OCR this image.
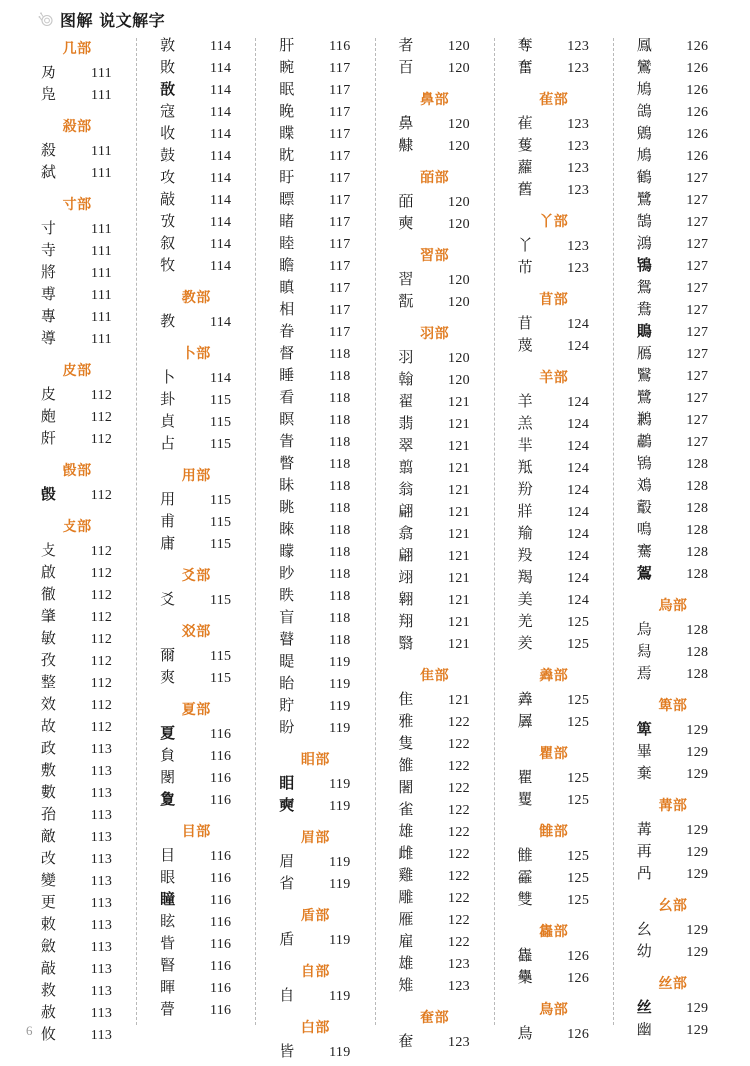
图解 说文解字
几部
夃	111
凫	111
殺部
殺	111
弑	111
寸部
寸	111
寺	111
將	111
尃	111
專	111
導	111
皮部
皮	112
皰	112
皯	112
㲃部
㲃	112
攴部
攴	112
啟	112
徹	112
肇	112
敏	112
孜	112
整	112
效	112
故	112
政	113
敷	113
數	113
孡	113
敵	113
改	113
變	113
更	113
敕	113
斂	113
敲	113
救	113
赦	113
攸	113
敦	114
敗	114
敔	114
寇	114
收	114
鼓	114
攻	114
敲	114
攷	114
叙	114
牧	114
教部
教	114
卜部
卜	114
卦	115
貞	115
占	115
用部
用	115
甫	115
庸	115
爻部
爻	115
㸚部
爾	115
爽	115
夏部
夏	116
貟	116
閿	116
夐	116
目部
目	116
眼	116
瞳	116
眩	116
眥	116
䁂	116
睴	116
瞢	116
肝	116
睕	117
眠	117
睌	117
䁋	117
眈	117
盱	117
瞟	117
睹	117
睦	117
瞻	117
瞋	117
相	117
眷	117
督	118
睡	118
看	118
瞑	118
眚	118
瞥	118
眛	118
眺	118
睞	118
矇	118
眇	118
眣	118
盲	118
瞽	118
睼	119
眙	119
貯	119
盼	119
䀠部
䀠	119
奭	119
眉部
眉	119
省	119
盾部
盾	119
自部
自	119
白部
皆	119
者	120
百	120
鼻部
鼻	120
齂	120
皕部
皕	120
奭	120
習部
習	120
翫	120
羽部
羽	120
翰	120
翟	121
翡	121
翠	121
翦	121
翁	121
翩	121
翕	121
翩	121
翊	121
翱	121
翔	121
翳	121
隹部
隹	121
雅	122
隻	122
雒	122
闍	122
雀	122
雄	122
雌	122
雞	122
雕	122
雁	122
雇	122
雄	123
雉	123
奞部
奞	123
奪	123
奮	123
雈部
雈	123
蒦	123
蘿	123
舊	123
丫部
丫	123
芇	123
苜部
苜	124
蔑	124
羊部
羊	124
羔	124
羋	124
羝	124
羒	124
牂	124
羭	124
羖	124
羯	124
美	124
羌	125
羑	125
羴部
羴	125
羼	125
瞿部
瞿	125
矍	125
雔部
雔	125
靃	125
雙	125
雥部
雥	126
雧	126
鳥部
鳥	126
鳳	126
鸞	126
鳩	126
鴿	126
鶂	126
鳩	126
鶴	127
鷺	127
鵠	127
鴻	127
鴇	127
鴛	127
鴦	127
鵙	127
鴈	127
鷖	127
鷺	127
鶼	127
鷫	127
鴇	128
鳼	128
鷇	128
鳴	128
騫	128
鴐	128
烏部
烏	128
舄	128
焉	128
箄部
箄	129
畢	129
棄	129
冓部
冓	129
再	129
冎	129
幺部
幺	129
幼	129
丝部
丝	129
幽	129
6
